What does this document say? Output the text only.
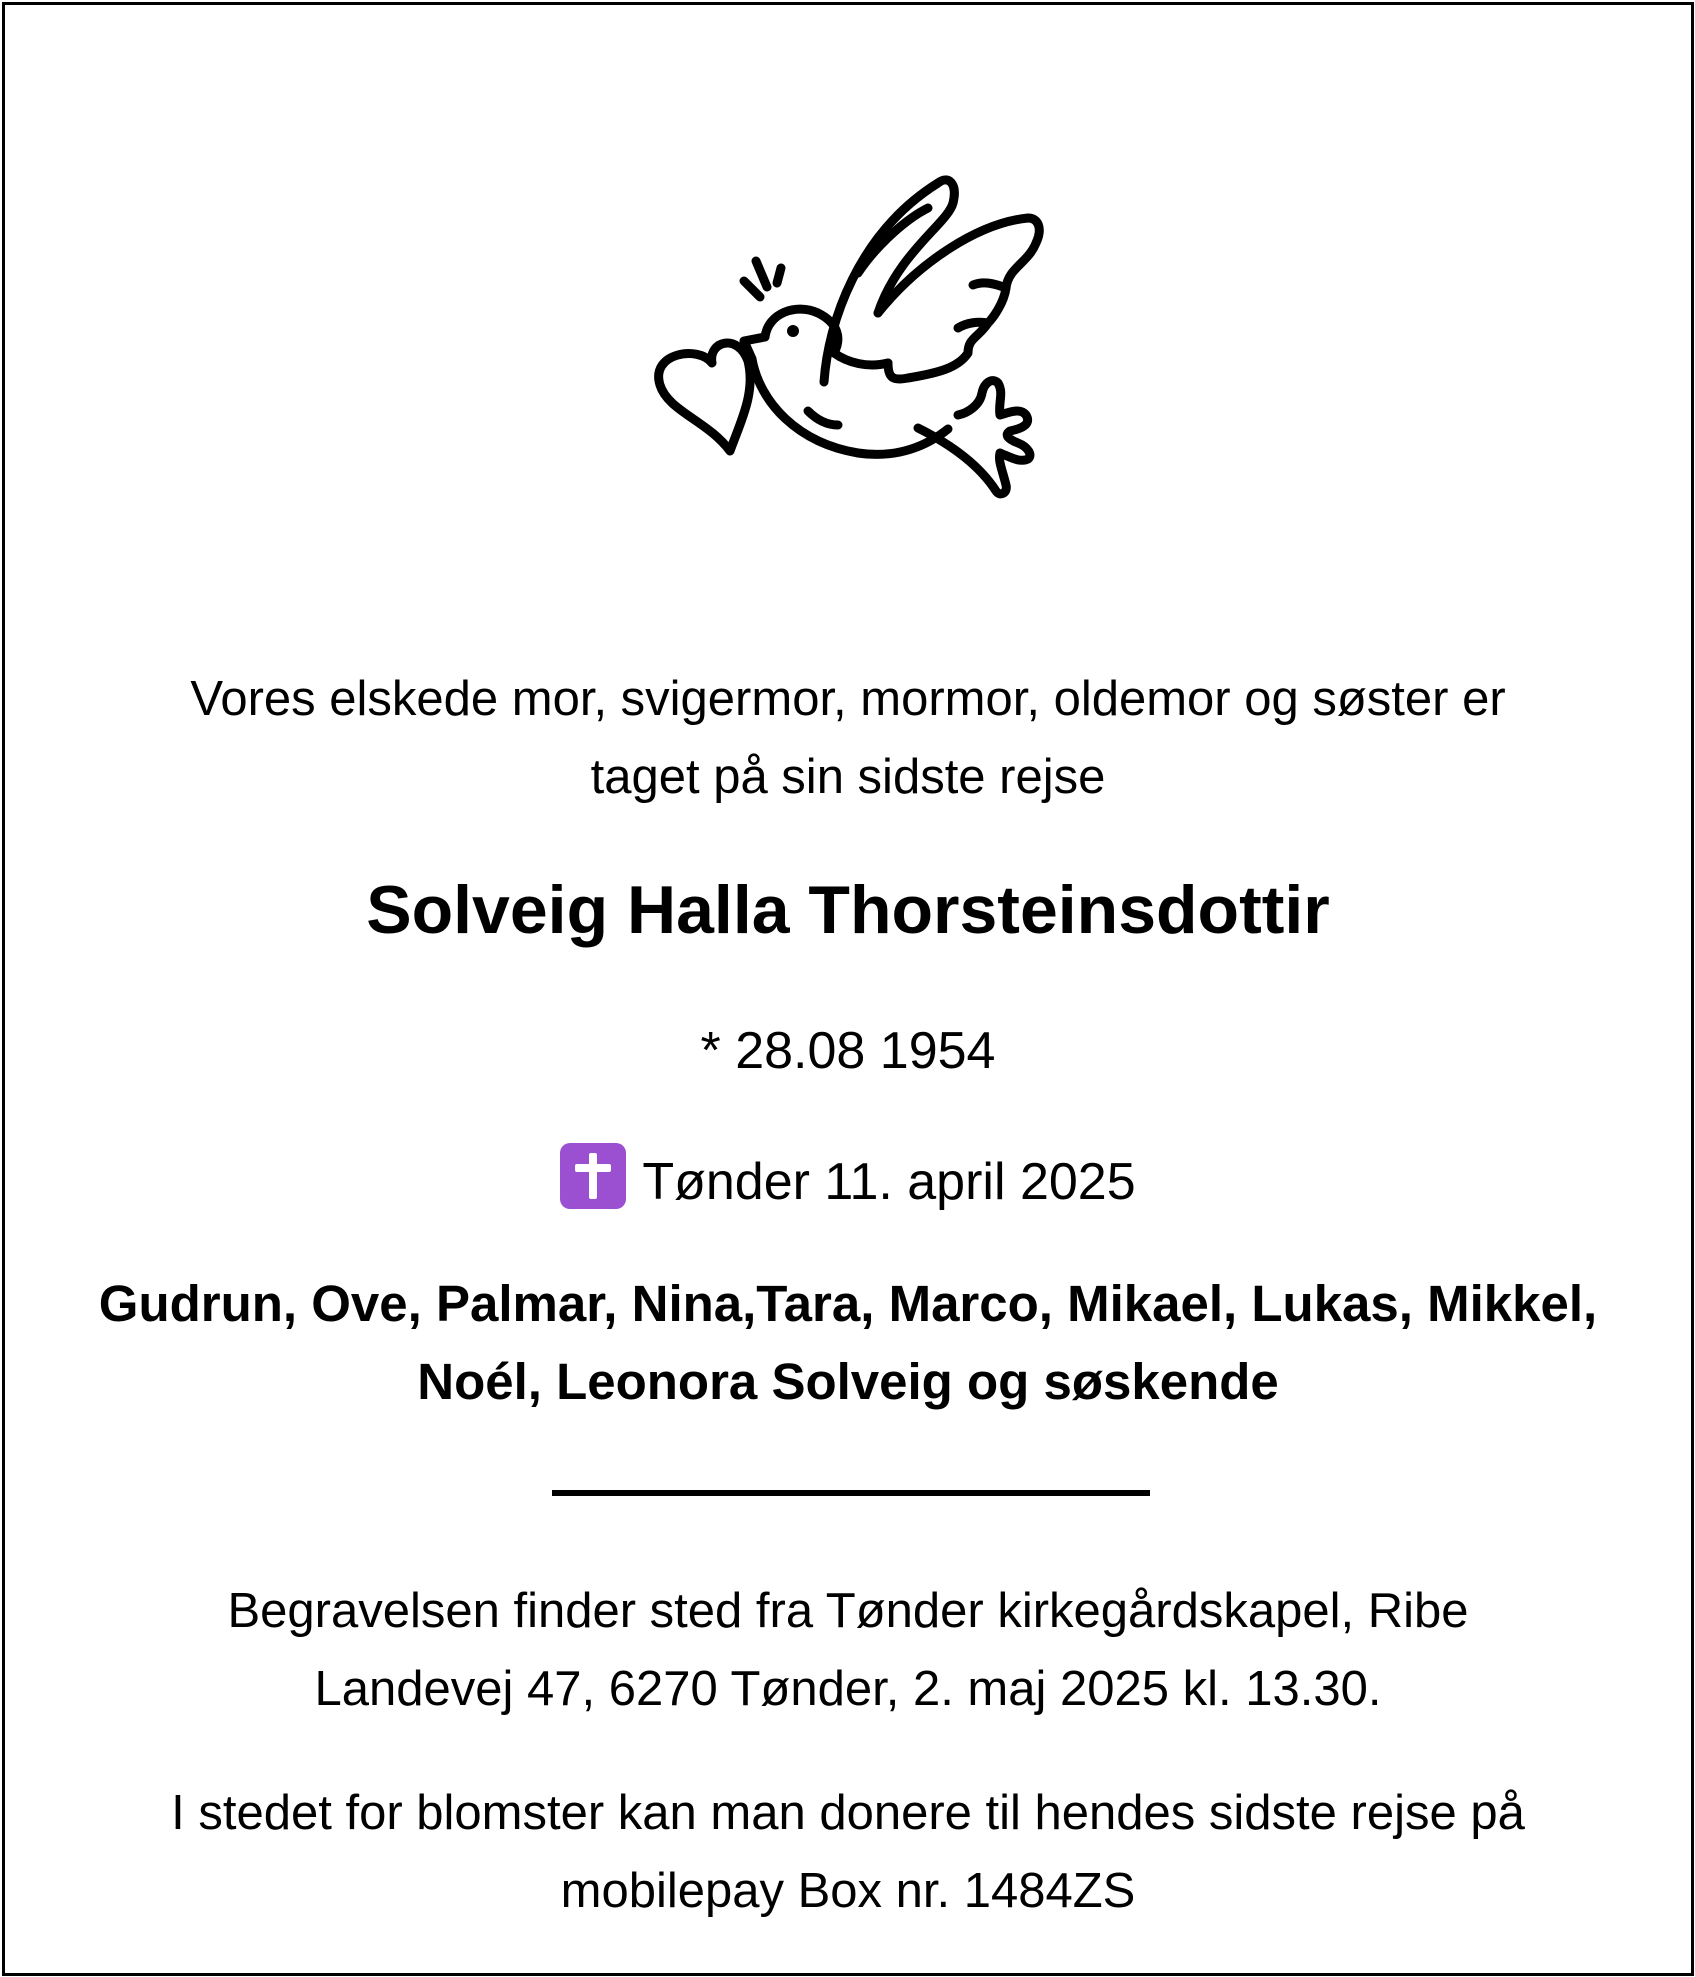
Vores elskede mor, svigermor, mormor, oldemor og søster er
taget på sin sidste rejse
Solveig Halla Thorsteinsdottir
* 28.08 1954
Tønder 11. april 2025
Gudrun, Ove, Palmar, Nina,Tara, Marco, Mikael, Lukas, Mikkel,
Noél, Leonora Solveig og søskende
Begravelsen finder sted fra Tønder kirkegårdskapel, Ribe
Landevej 47, 6270 Tønder, 2. maj 2025 kl. 13.30.
I stedet for blomster kan man donere til hendes sidste rejse på
mobilepay Box nr. 1484ZS
